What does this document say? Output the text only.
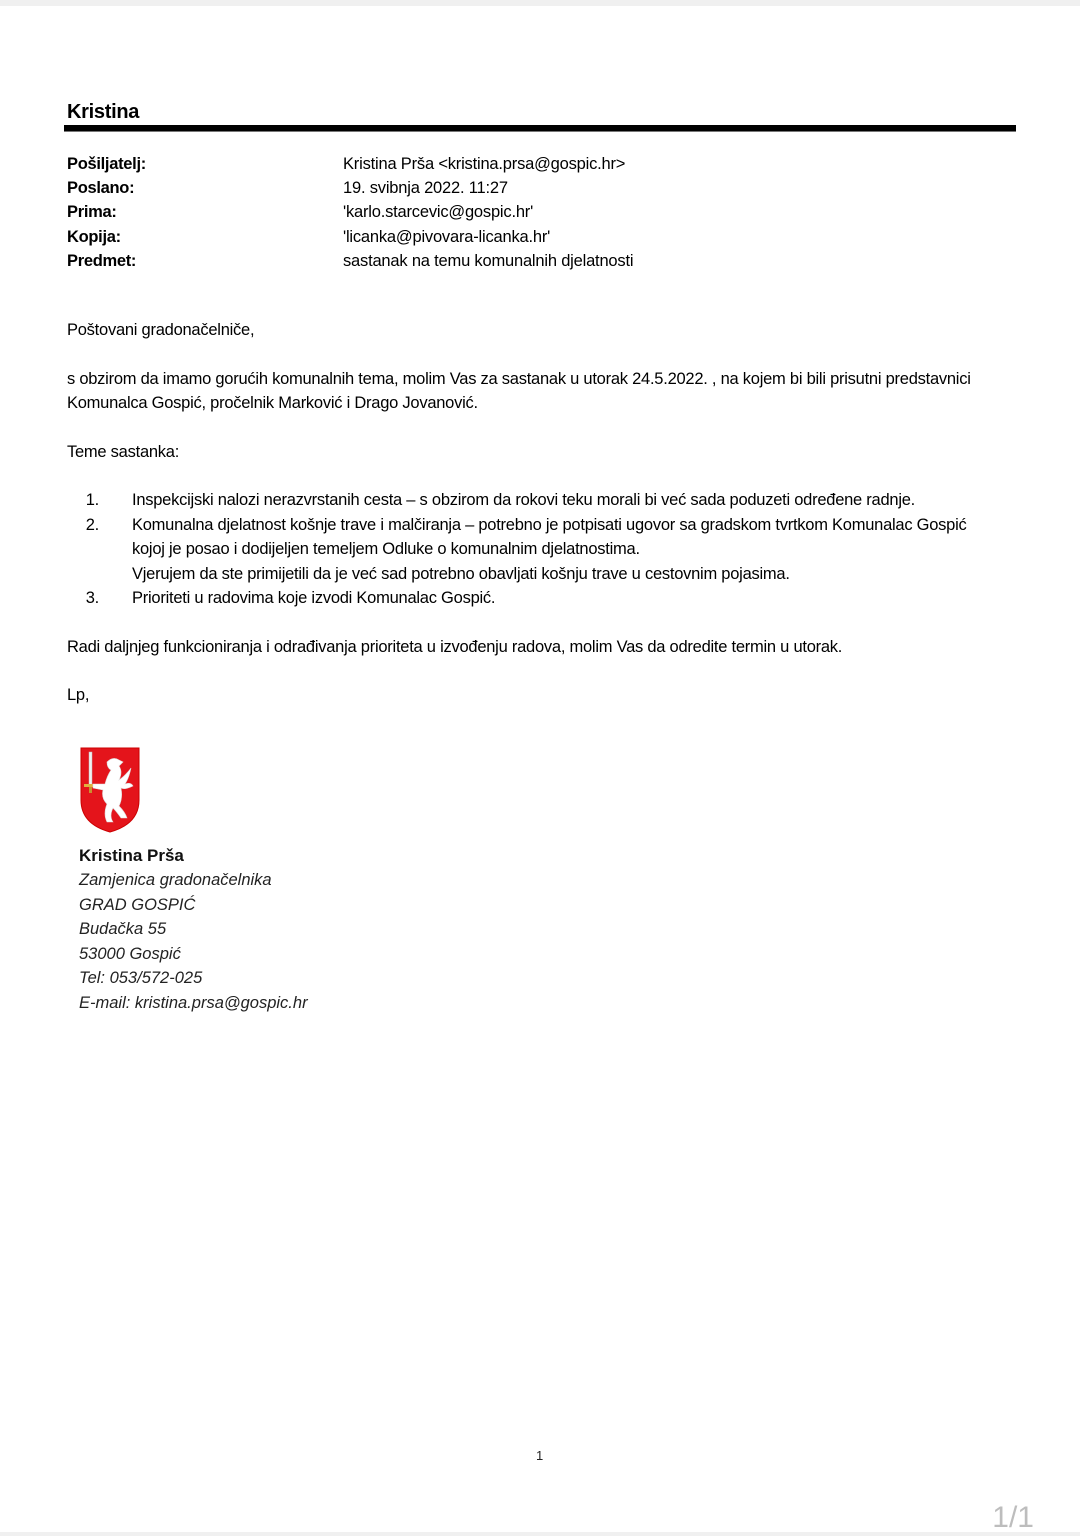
Kristina
Pošiljatelj:	Kristina Prša <kristina.prsa@gospic.hr>
Poslano:	19. svibnja 2022. 11:27
Prima:	'karlo.starcevic@gospic.hr'
Kopija:	'licanka@pivovara-licanka.hr'
Predmet:	sastanak na temu komunalnih djelatnosti

Poštovani gradonačelniče,

s obzirom da imamo gorućih komunalnih tema, molim Vas za sastanak u utorak 24.5.2022. , na kojem bi bili prisutni predstavnici Komunalca Gospić, pročelnik Marković i Drago Jovanović.

Teme sastanka:

1.	Inspekcijski nalozi nerazvrstanih cesta – s obzirom da rokovi teku morali bi već sada poduzeti određene radnje.
2.	Komunalna djelatnost košnje trave i malčiranja – potrebno je potpisati ugovor sa gradskom tvrtkom Komunalac Gospić kojoj je posao i dodijeljen temeljem Odluke o komunalnim djelatnostima.
Vjerujem da ste primijetili da je već sad potrebno obavljati košnju trave u cestovnim pojasima.
3.	Prioriteti u radovima koje izvodi Komunalac Gospić.

Radi daljnjeg funkcioniranja i odrađivanja prioriteta u izvođenju radova, molim Vas da odredite termin u utorak.

Lp,

Kristina Prša
Zamjenica gradonačelnika
GRAD GOSPIĆ
Budačka 55
53000 Gospić
Tel: 053/572-025
E-mail: kristina.prsa@gospic.hr
1
1/1
